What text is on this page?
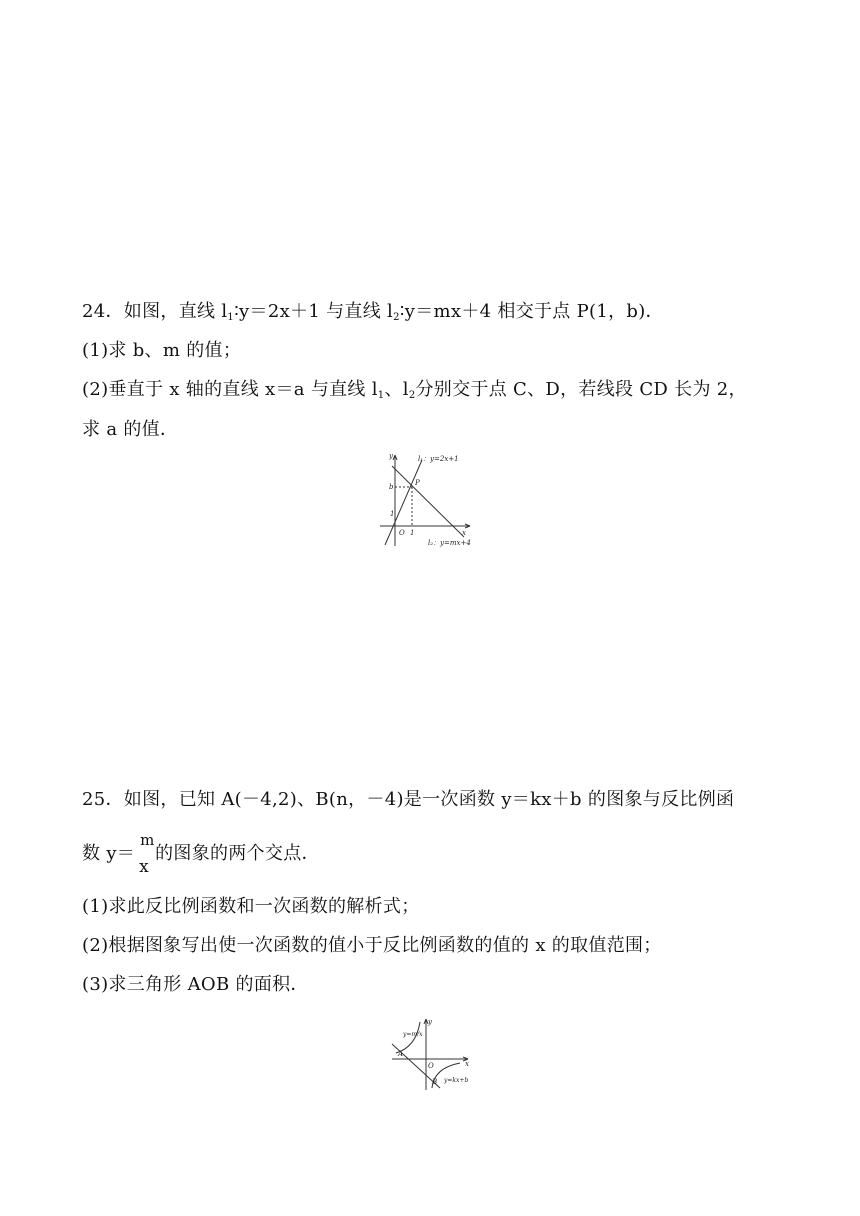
24．如图，直线 $l_1∶y=2x+1$ 与直线 $l_2∶y=mx+4$ 相交于点 P(1，b)．
(1)求 b、m 的值；
(2)垂直于 x 轴的直线 x＝a 与直线 $l_1$、$l_2$分别交于点 C、D，若线段 CD 长为 2，
求 a 的值．
y
x
l₁：y=2x+1
l₂：y=mx+4
b	P
1
O 1
25．如图，已知 A(－4,2)、B(n，－4)是一次函数 y＝kx＋b 的图象与反比例函
数 y＝
m
x
的图象的两个交点．
(1)求此反比例函数和一次函数的解析式；
(2)根据图象写出使一次函数的值小于反比例函数的值的 x 的取值范围；
(3)求三角形 AOB 的面积．
y
x
y=m/x
A
O
B y=kx+b
